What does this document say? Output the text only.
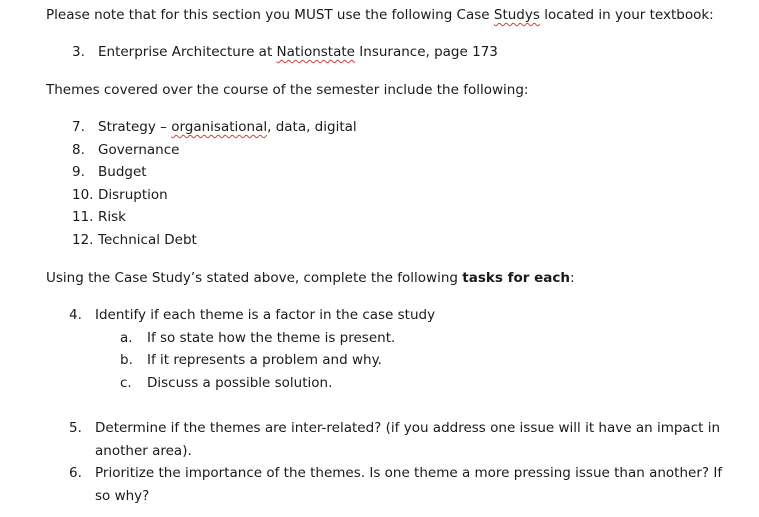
Please note that for this section you MUST use the following Case Studys located in your textbook:
3. Enterprise Architecture at Nationstate Insurance, page 173
Themes covered over the course of the semester include the following:
7. Strategy – organisational, data, digital
8. Governance
9. Budget
10. Disruption
11. Risk
12. Technical Debt
Using the Case Study’s stated above, complete the following tasks for each:
4. Identify if each theme is a factor in the case study
a. If so state how the theme is present.
b. If it represents a problem and why.
c. Discuss a possible solution.
5. Determine if the themes are inter-related? (if you address one issue will it have an impact in
another area).
6. Prioritize the importance of the themes. Is one theme a more pressing issue than another? If
so why?
